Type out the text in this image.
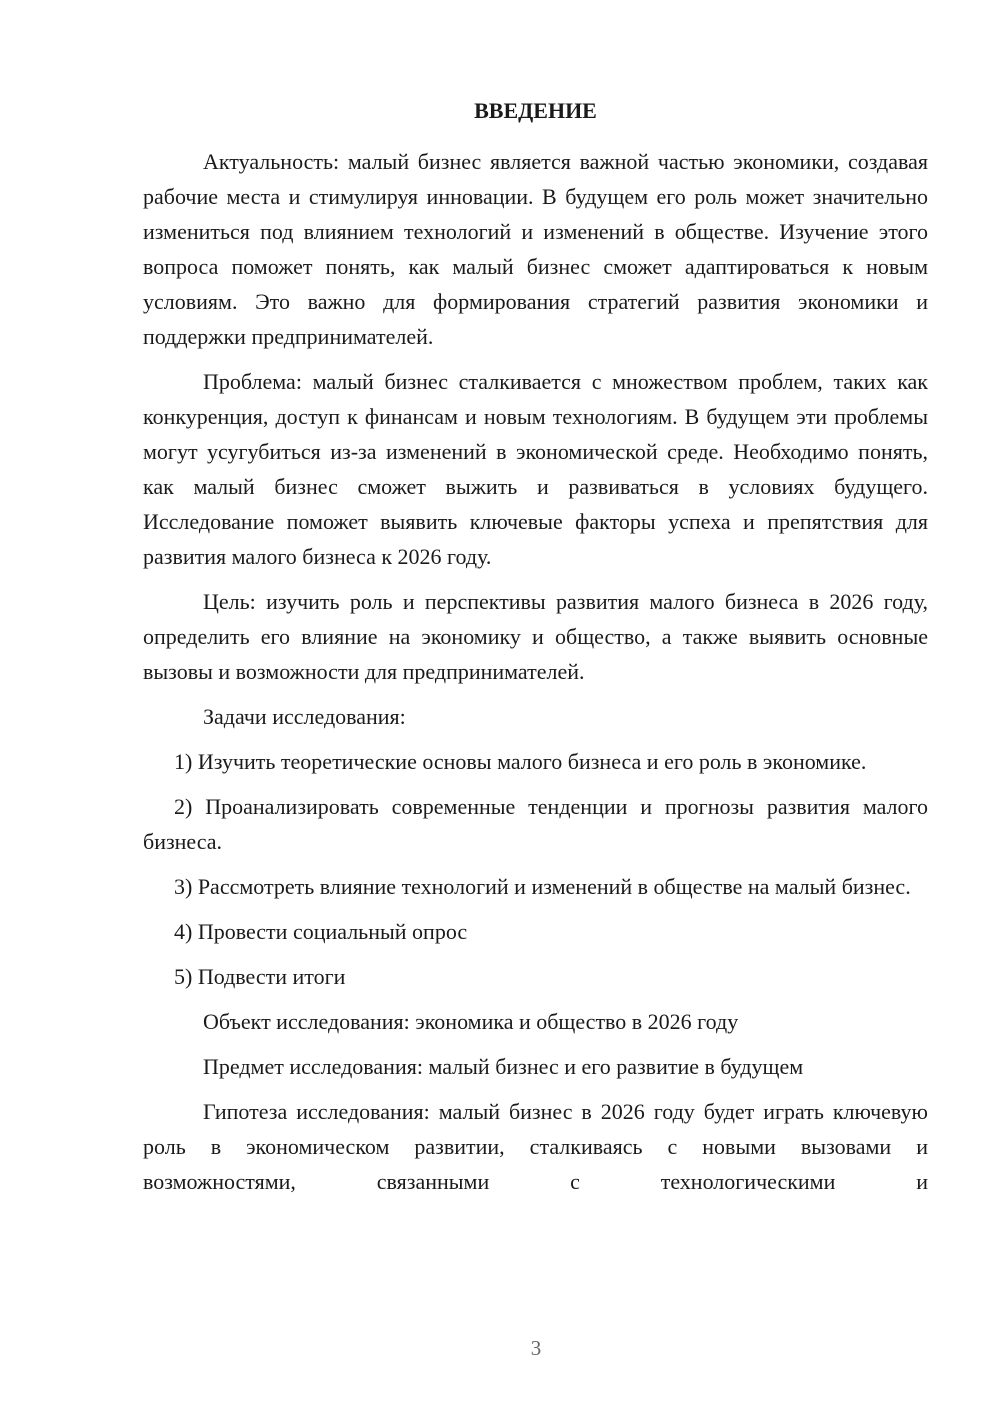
ВВЕДЕНИЕ

Актуальность: малый бизнес является важной частью экономики, создавая рабочие места и стимулируя инновации. В будущем его роль может значительно измениться под влиянием технологий и изменений в обществе. Изучение этого вопроса поможет понять, как малый бизнес сможет адаптироваться к новым условиям. Это важно для формирования стратегий развития экономики и поддержки предпринимателей.

Проблема: малый бизнес сталкивается с множеством проблем, таких как конкуренция, доступ к финансам и новым технологиям. В будущем эти проблемы могут усугубиться из-за изменений в экономической среде. Необходимо понять, как малый бизнес сможет выжить и развиваться в условиях будущего. Исследование поможет выявить ключевые факторы успеха и препятствия для развития малого бизнеса к 2026 году.

Цель: изучить роль и перспективы развития малого бизнеса в 2026 году, определить его влияние на экономику и общество, а также выявить основные вызовы и возможности для предпринимателей.

Задачи исследования:

1) Изучить теоретические основы малого бизнеса и его роль в экономике.

2) Проанализировать современные тенденции и прогнозы развития малого бизнеса.

3) Рассмотреть влияние технологий и изменений в обществе на малый бизнес.

4) Провести социальный опрос

5) Подвести итоги

Объект исследования: экономика и общество в 2026 году

Предмет исследования: малый бизнес и его развитие в будущем

Гипотеза исследования: малый бизнес в 2026 году будет играть ключевую роль в экономическом развитии, сталкиваясь с новыми вызовами и возможностями, связанными с технологическими и

3
